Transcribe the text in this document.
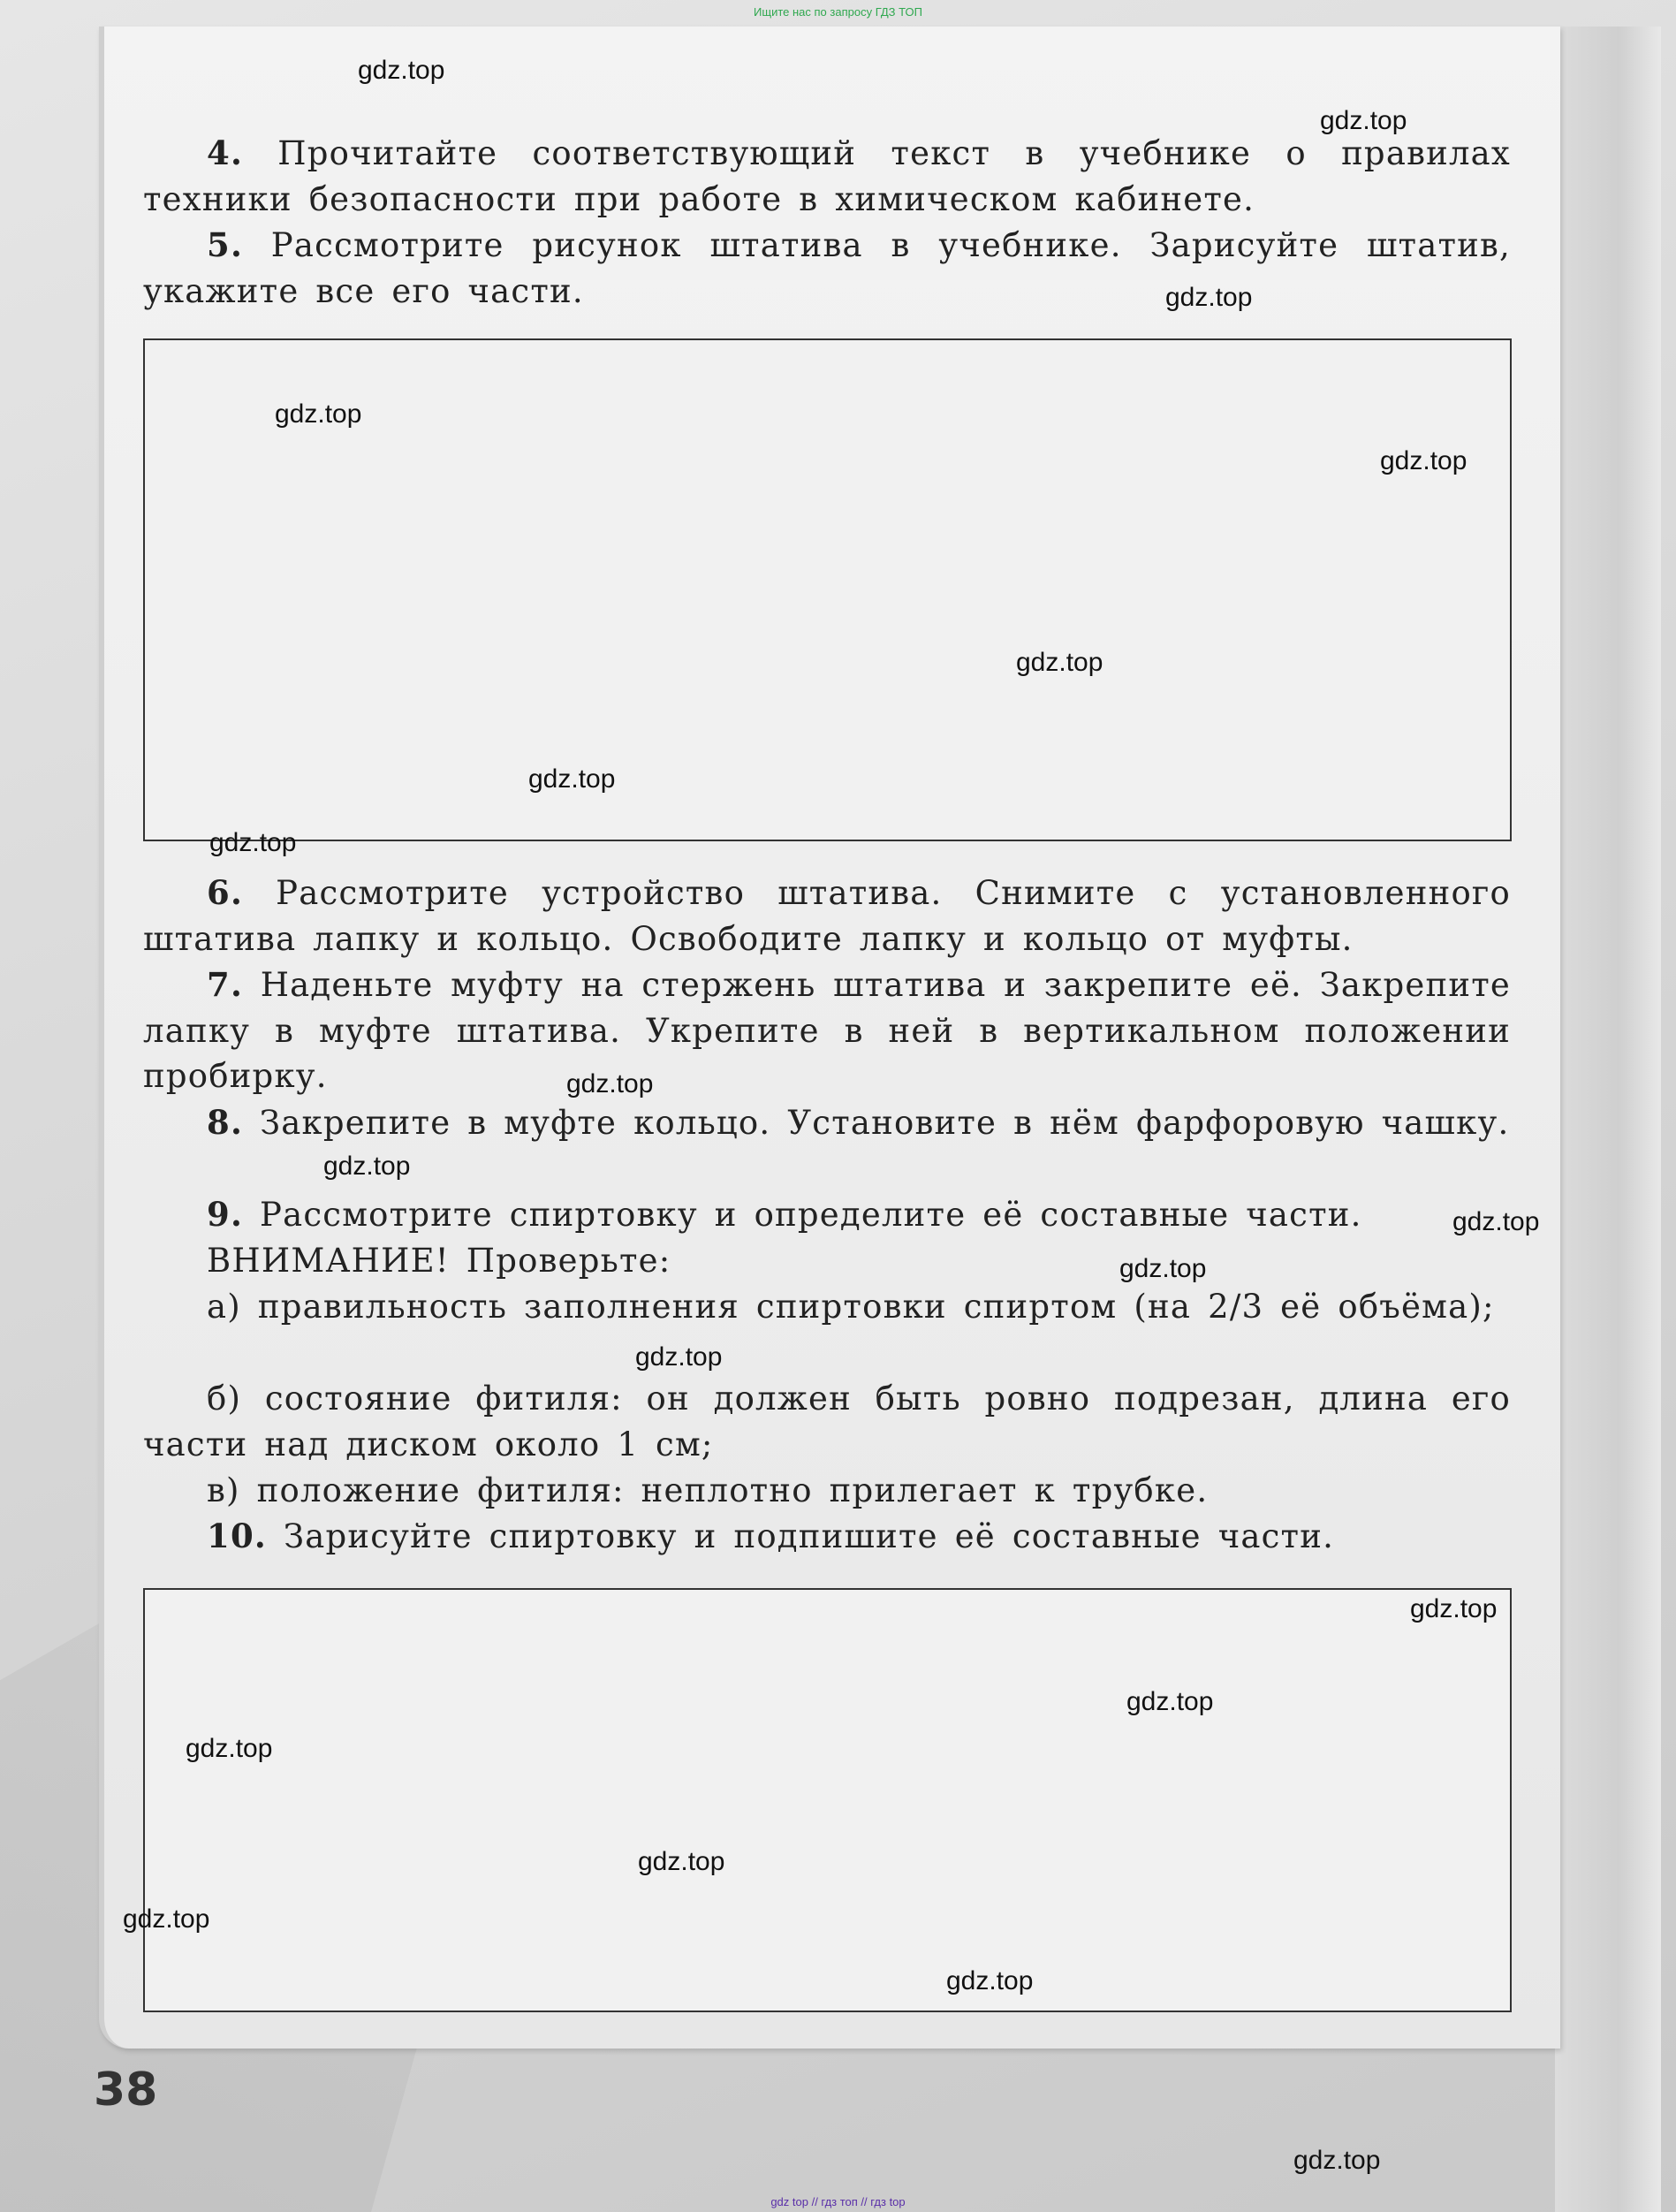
Ищите нас по запросу ГДЗ ТОП

4. Прочитайте соответствующий текст в учебнике о правилах техники безопасности при работе в химическом кабинете.

5. Рассмотрите рисунок штатива в учебнике. Зарисуйте штатив, укажите все его части.

6. Рассмотрите устройство штатива. Снимите с установленного штатива лапку и кольцо. Освободите лапку и кольцо от муфты.

7. Наденьте муфту на стержень штатива и закрепите её. Закрепите лапку в муфте штатива. Укрепите в ней в вертикальном положении пробирку.

8. Закрепите в муфте кольцо. Установите в нём фарфоровую чашку.

9. Рассмотрите спиртовку и определите её составные части.

ВНИМАНИЕ! Проверьте:

а) правильность заполнения спиртовки спиртом (на 2/3 её объёма);

б) состояние фитиля: он должен быть ровно подрезан, длина его части над диском около 1 см;

в) положение фитиля: неплотно прилегает к трубке.

10. Зарисуйте спиртовку и подпишите её составные части.

38
gdz.top
gdz.top
gdz.top
gdz.top
gdz.top
gdz.top
gdz.top
gdz.top
gdz.top
gdz.top
gdz.top
gdz.top
gdz.top
gdz.top
gdz.top
gdz.top
gdz.top
gdz.top
gdz.top
gdz.top
gdz top // гдз топ // гдз top
